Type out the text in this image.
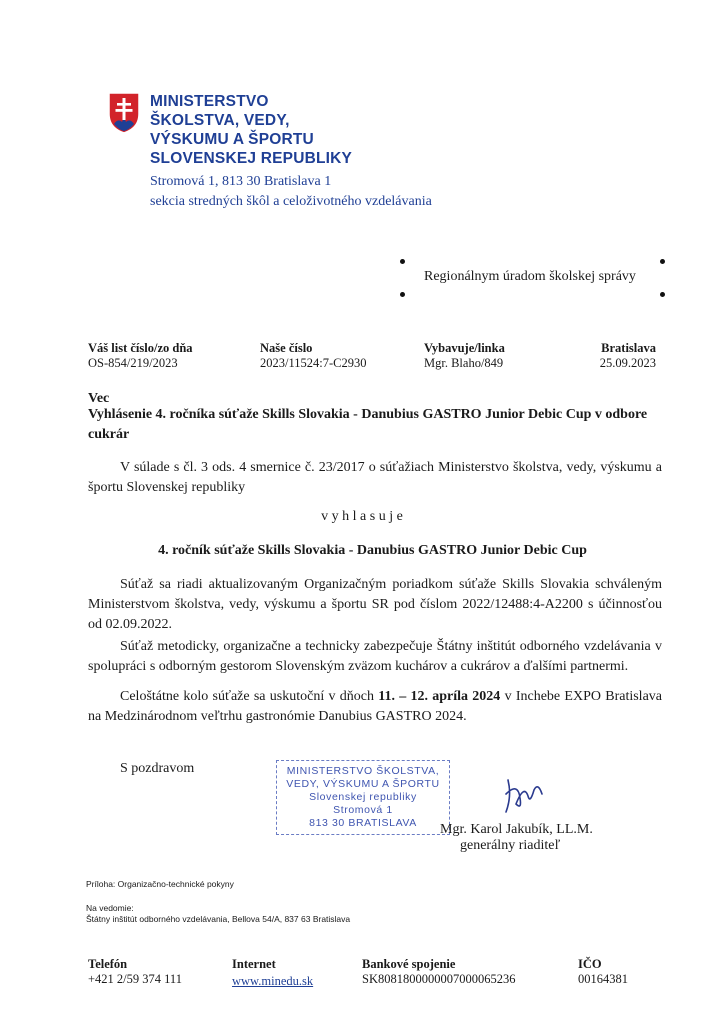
MINISTERSTVO
ŠKOLSTVA, VEDY,
VÝSKUMU A ŠPORTU
SLOVENSKEJ REPUBLIKY
Stromová 1, 813 30 Bratislava 1
sekcia stredných škôl a celoživotného vzdelávania
Regionálnym úradom školskej správy
Váš list číslo/zo dňa
OS-854/219/2023
Naše číslo
2023/11524:7-C2930
Vybavuje/linka
Mgr. Blaho/849
Bratislava
25.09.2023
Vec
Vyhlásenie 4. ročníka súťaže Skills Slovakia - Danubius GASTRO Junior Debic Cup v odbore cukrár
V súlade s čl. 3 ods. 4 smernice č. 23/2017 o súťažiach Ministerstvo školstva, vedy, výskumu a športu Slovenskej republiky
v y h l a s u j e
4. ročník súťaže Skills Slovakia - Danubius GASTRO Junior Debic Cup
Súťaž sa riadi aktualizovaným Organizačným poriadkom súťaže Skills Slovakia schváleným Ministerstvom školstva, vedy, výskumu a športu SR pod číslom 2022/12488:4-A2200 s účinnosťou od 02.09.2022.
Súťaž metodicky, organizačne a technicky zabezpečuje Štátny inštitút odborného vzdelávania v spolupráci s odborným gestorom Slovenským zväzom kuchárov a cukrárov a ďalšími partnermi.
Celoštátne kolo súťaže sa uskutoční v dňoch 11. – 12. apríla 2024 v Inchebe EXPO Bratislava na Medzinárodnom veľtrhu gastronómie Danubius GASTRO 2024.
S pozdravom	MINISTERSTVO ŠKOLSTVA,
VEDY, VÝSKUMU A ŠPORTU
Slovenskej republiky
Stromová 1
813 30 BRATISLAVA	Mgr. Karol Jakubík, LL.M.
generálny riaditeľ
Príloha: Organizačno-technické pokyny
Na vedomie:
Štátny inštitút odborného vzdelávania, Bellova 54/A, 837 63 Bratislava
Telefón
+421 2/59 374 111
Internet
www.minedu.sk
Bankové spojenie
SK8081800000007000065236
IČO
00164381
